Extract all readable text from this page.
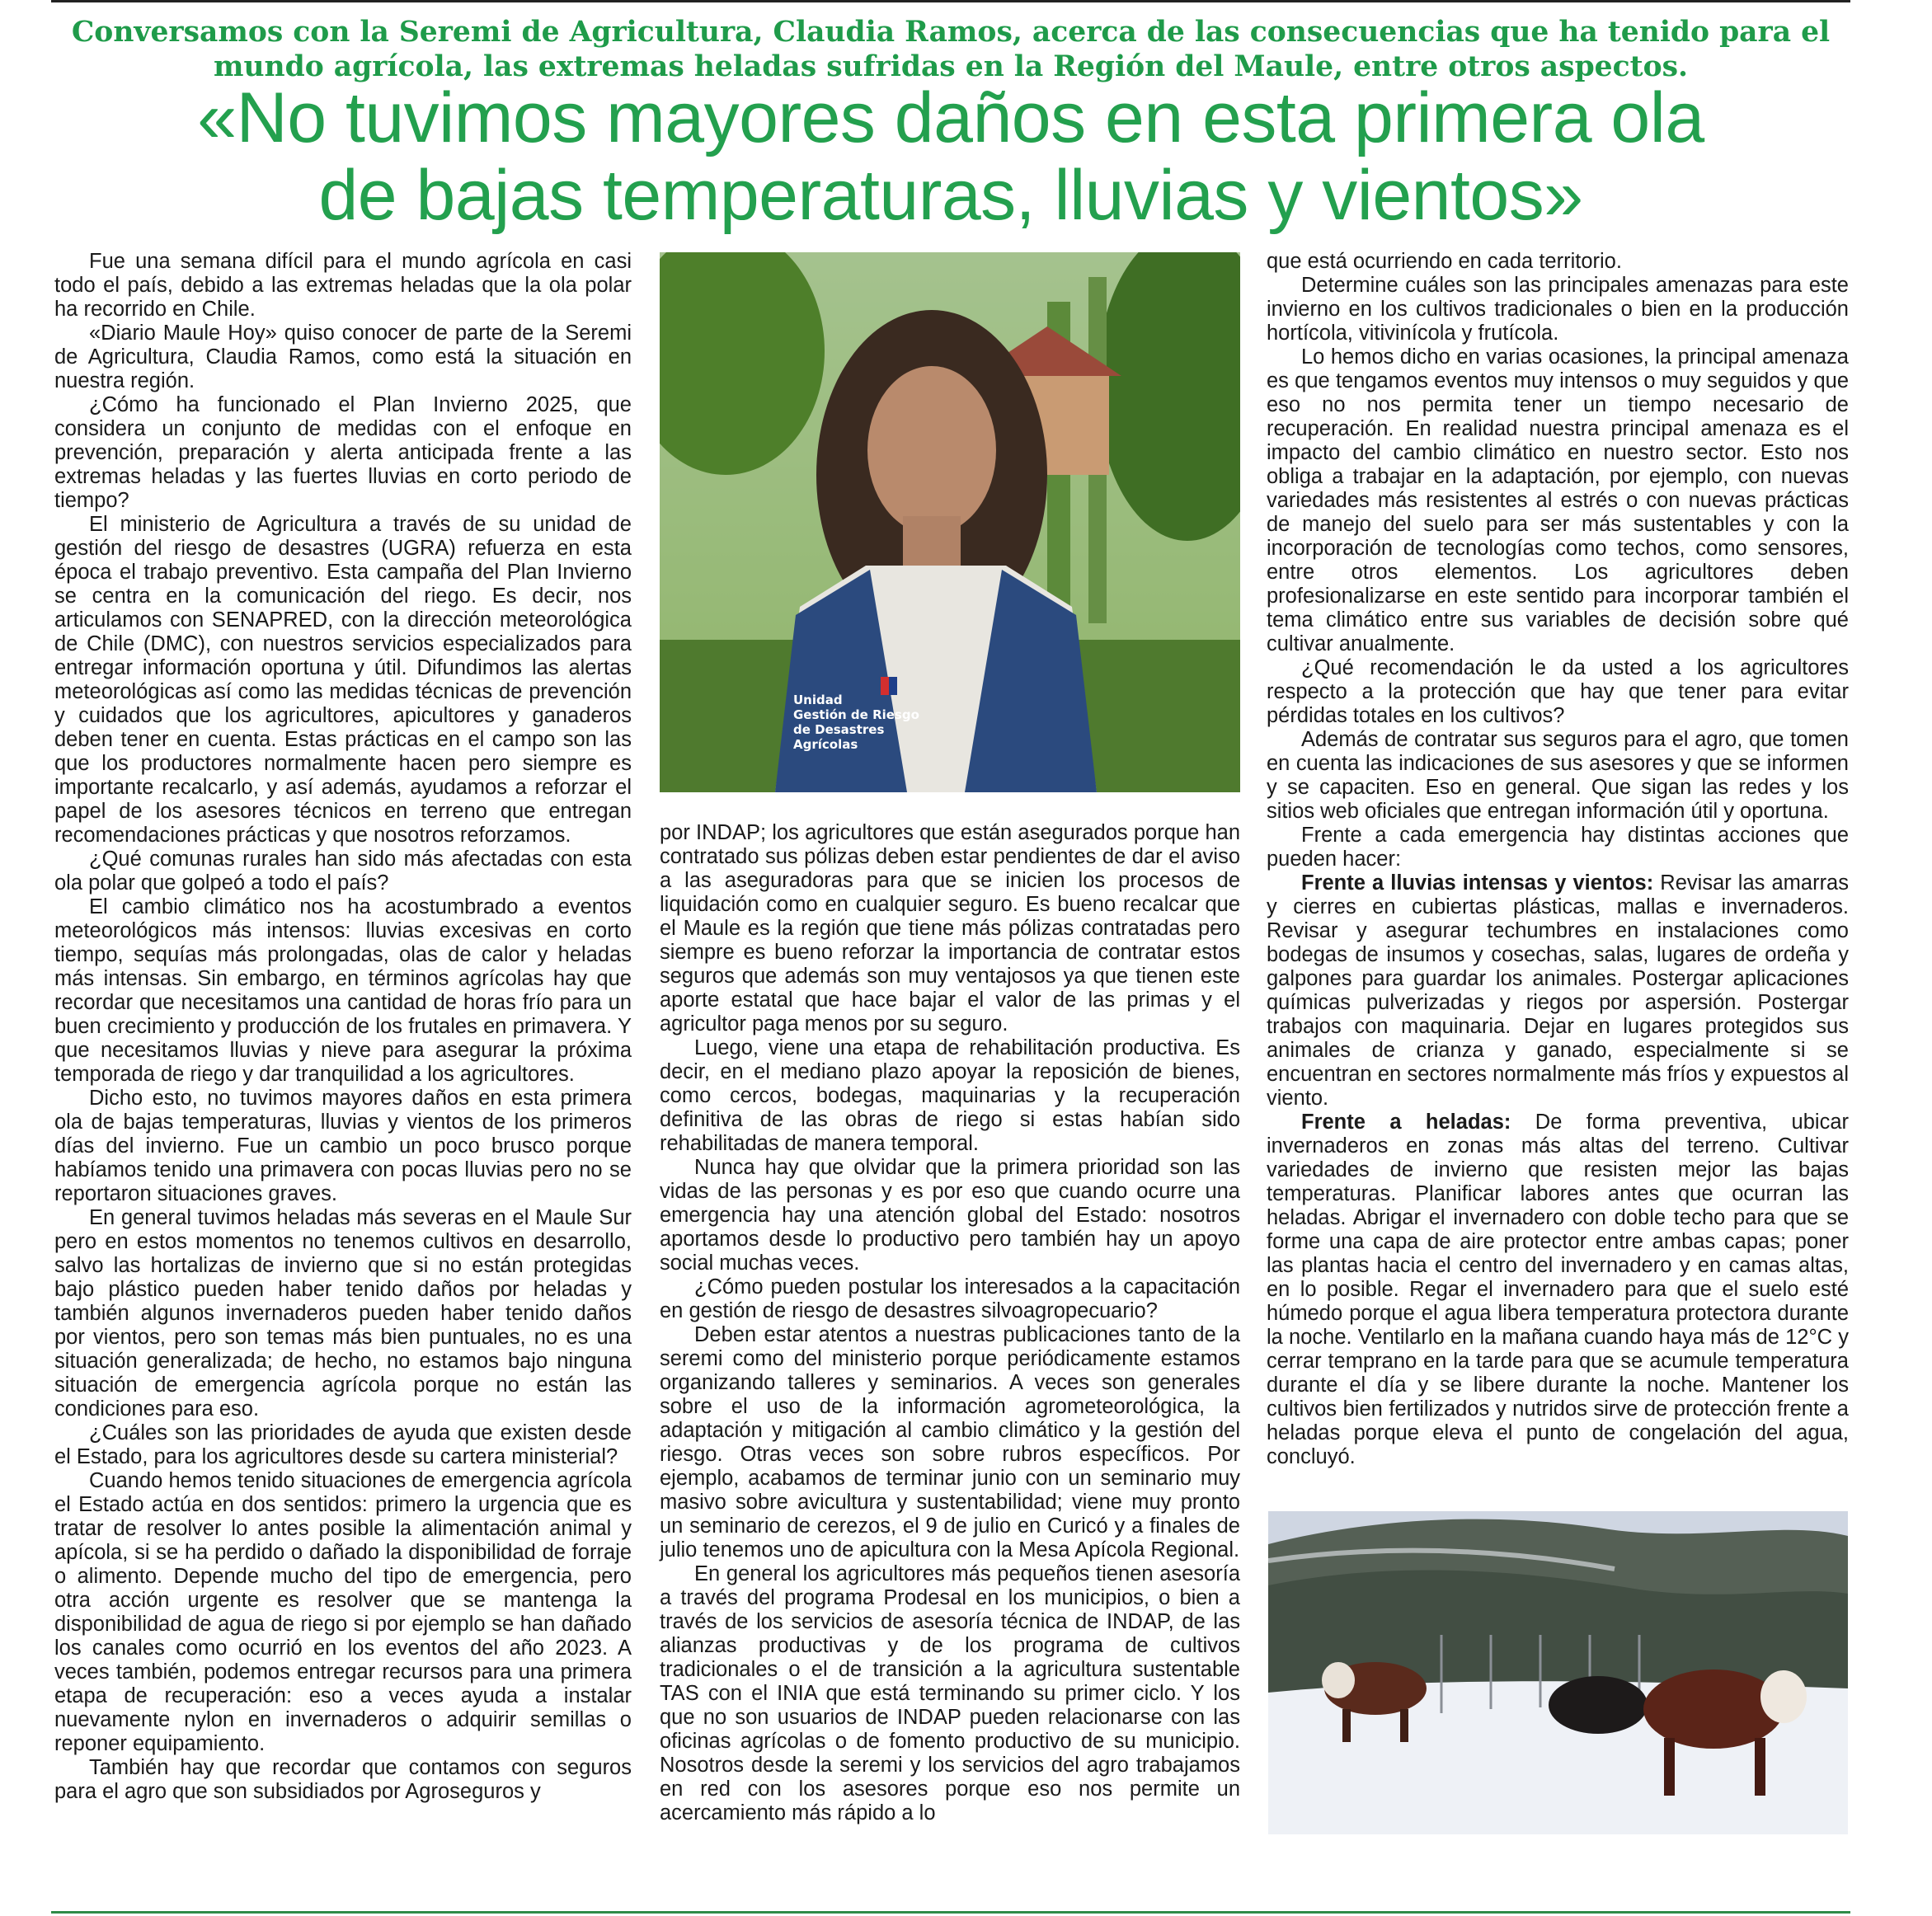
Conversamos con la Seremi de Agricultura, Claudia Ramos, acerca de las consecuencias que ha tenido para el mundo agrícola, las extremas heladas sufridas en la Región del Maule, entre otros aspectos.
«No tuvimos mayores daños en esta primera ola
de bajas temperaturas, lluvias y vientos»

Fue una semana difícil para el mundo agrícola en casi todo el país, debido a las extremas heladas que la ola polar ha recorrido en Chile.

«Diario Maule Hoy» quiso conocer de parte de la Seremi de Agricultura, Claudia Ramos, como está la situación en nuestra región.

¿Cómo ha funcionado el Plan Invierno 2025, que considera un conjunto de medidas con el enfoque en prevención, preparación y alerta anticipada frente a las extremas heladas y las fuertes lluvias en corto periodo de tiempo?

El ministerio de Agricultura a través de su unidad de gestión del riesgo de desastres (UGRA) refuerza en esta época el trabajo preventivo. Esta campaña del Plan Invierno se centra en la comunicación del riego. Es decir, nos articulamos con SENAPRED, con la dirección meteorológica de Chile (DMC), con nuestros servicios especializados para entregar información oportuna y útil. Difundimos las alertas meteorológicas así como las medidas técnicas de prevención y cuidados que los agricultores, apicultores y ganaderos deben tener en cuenta. Estas prácticas en el campo son las que los productores normalmente hacen pero siempre es importante recalcarlo, y así además, ayudamos a reforzar el papel de los asesores técnicos en terreno que entregan recomendaciones prácticas y que nosotros reforzamos.

¿Qué comunas rurales han sido más afectadas con esta ola polar que golpeó a todo el país?

El cambio climático nos ha acostumbrado a eventos meteorológicos más intensos: lluvias excesivas en corto tiempo, sequías más prolongadas, olas de calor y heladas más intensas. Sin embargo, en términos agrícolas hay que recordar que necesitamos una cantidad de horas frío para un buen crecimiento y producción de los frutales en primavera. Y que necesitamos lluvias y nieve para asegurar la próxima temporada de riego y dar tranquilidad a los agricultores.

Dicho esto, no tuvimos mayores daños en esta primera ola de bajas temperaturas, lluvias y vientos de los primeros días del invierno. Fue un cambio un poco brusco porque habíamos tenido una primavera con pocas lluvias pero no se reportaron situaciones graves.

En general tuvimos heladas más severas en el Maule Sur pero en estos momentos no tenemos cultivos en desarrollo, salvo las hortalizas de invierno que si no están protegidas bajo plástico pueden haber tenido daños por heladas y también algunos invernaderos pueden haber tenido daños por vientos, pero son temas más bien puntuales, no es una situación generalizada; de hecho, no estamos bajo ninguna situación de emergencia agrícola porque no están las condiciones para eso.

¿Cuáles son las prioridades de ayuda que existen desde el Estado, para los agricultores desde su cartera ministerial?

Cuando hemos tenido situaciones de emergencia agrícola el Estado actúa en dos sentidos: primero la urgencia que es tratar de resolver lo antes posible la alimentación animal y apícola, si se ha perdido o dañado la disponibilidad de forraje o alimento. Depende mucho del tipo de emergencia, pero otra acción urgente es resolver que se mantenga la disponibilidad de agua de riego si por ejemplo se han dañado los canales como ocurrió en los eventos del año 2023. A veces también, podemos entregar recursos para una primera etapa de recuperación: eso a veces ayuda a instalar nuevamente nylon en invernaderos o adquirir semillas o reponer equipamiento.

También hay que recordar que contamos con seguros para el agro que son subsidiados por Agroseguros y

Unidad
Gestión de Riesgo
de Desastres
Agrícolas

por INDAP; los agricultores que están asegurados porque han contratado sus pólizas deben estar pendientes de dar el aviso a las aseguradoras para que se inicien los procesos de liquidación como en cualquier seguro. Es bueno recalcar que el Maule es la región que tiene más pólizas contratadas pero siempre es bueno reforzar la importancia de contratar estos seguros que además son muy ventajosos ya que tienen este aporte estatal que hace bajar el valor de las primas y el agricultor paga menos por su seguro.

Luego, viene una etapa de rehabilitación productiva. Es decir, en el mediano plazo apoyar la reposición de bienes, como cercos, bodegas, maquinarias y la recuperación definitiva de las obras de riego si estas habían sido rehabilitadas de manera temporal.

Nunca hay que olvidar que la primera prioridad son las vidas de las personas y es por eso que cuando ocurre una emergencia hay una atención global del Estado: nosotros aportamos desde lo productivo pero también hay un apoyo social muchas veces.

¿Cómo pueden postular los interesados a la capacitación en gestión de riesgo de desastres silvoagropecuario?

Deben estar atentos a nuestras publicaciones tanto de la seremi como del ministerio porque periódicamente estamos organizando talleres y seminarios. A veces son generales sobre el uso de la información agrometeorológica, la adaptación y mitigación al cambio climático y la gestión del riesgo. Otras veces son sobre rubros específicos. Por ejemplo, acabamos de terminar junio con un seminario muy masivo sobre avicultura y sustentabilidad; viene muy pronto un seminario de cerezos, el 9 de julio en Curicó y a finales de julio tenemos uno de apicultura con la Mesa Apícola Regional.

En general los agricultores más pequeños tienen asesoría a través del programa Prodesal en los municipios, o bien a través de los servicios de asesoría técnica de INDAP, de las alianzas productivas y de los programa de cultivos tradicionales o el de transición a la agricultura sustentable TAS con el INIA que está terminando su primer ciclo. Y los que no son usuarios de INDAP pueden relacionarse con las oficinas agrícolas o de fomento productivo de su municipio. Nosotros desde la seremi y los servicios del agro trabajamos en red con los asesores porque eso nos permite un acercamiento más rápido a lo

que está ocurriendo en cada territorio.

Determine cuáles son las principales amenazas para este invierno en los cultivos tradicionales o bien en la producción hortícola, vitivinícola y frutícola.

Lo hemos dicho en varias ocasiones, la principal amenaza es que tengamos eventos muy intensos o muy seguidos y que eso no nos permita tener un tiempo necesario de recuperación. En realidad nuestra principal amenaza es el impacto del cambio climático en nuestro sector. Esto nos obliga a trabajar en la adaptación, por ejemplo, con nuevas variedades más resistentes al estrés o con nuevas prácticas de manejo del suelo para ser más sustentables y con la incorporación de tecnologías como techos, como sensores, entre otros elementos. Los agricultores deben profesionalizarse en este sentido para incorporar también el tema climático entre sus variables de decisión sobre qué cultivar anualmente.

¿Qué recomendación le da usted a los agricultores respecto a la protección que hay que tener para evitar pérdidas totales en los cultivos?

Además de contratar sus seguros para el agro, que tomen en cuenta las indicaciones de sus asesores y que se informen y se capaciten. Eso en general. Que sigan las redes y los sitios web oficiales que entregan información útil y oportuna.

Frente a cada emergencia hay distintas acciones que pueden hacer:

Frente a lluvias intensas y vientos: Revisar las amarras y cierres en cubiertas plásticas, mallas e invernaderos. Revisar y asegurar techumbres en instalaciones como bodegas de insumos y cosechas, salas, lugares de ordeña y galpones para guardar los animales. Postergar aplicaciones químicas pulverizadas y riegos por aspersión. Postergar trabajos con maquinaria. Dejar en lugares protegidos sus animales de crianza y ganado, especialmente si se encuentran en sectores normalmente más fríos y expuestos al viento.

Frente a heladas: De forma preventiva, ubicar invernaderos en zonas más altas del terreno. Cultivar variedades de invierno que resisten mejor las bajas temperaturas. Planificar labores antes que ocurran las heladas. Abrigar el invernadero con doble techo para que se forme una capa de aire protector entre ambas capas; poner las plantas hacia el centro del invernadero y en camas altas, en lo posible. Regar el invernadero para que el suelo esté húmedo porque el agua libera temperatura protectora durante la noche. Ventilarlo en la mañana cuando haya más de 12°C y cerrar temprano en la tarde para que se acumule temperatura durante el día y se libere durante la noche. Mantener los cultivos bien fertilizados y nutridos sirve de protección frente a heladas porque eleva el punto de congelación del agua, concluyó.
